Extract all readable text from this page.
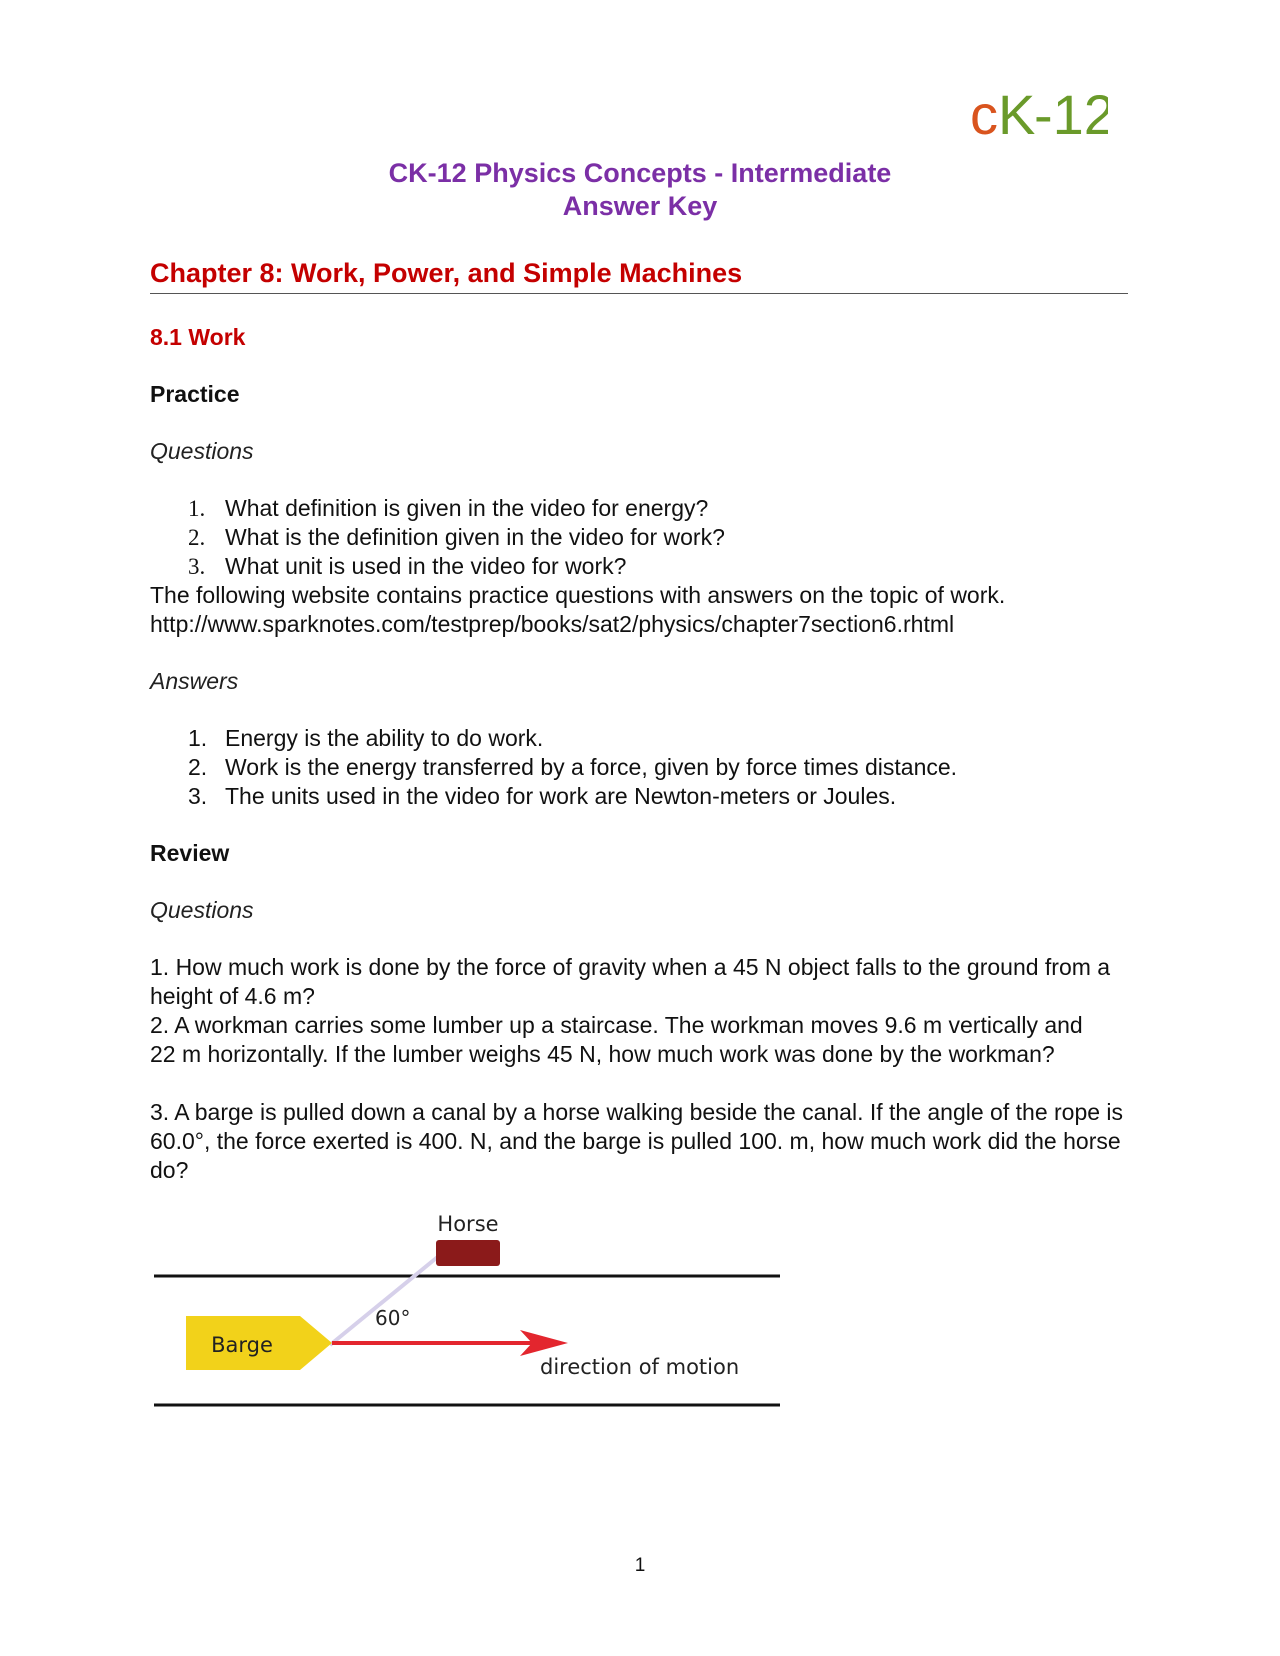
c K
-12
CK-12 Physics Concepts - Intermediate
Answer Key
Chapter 8: Work, Power, and Simple Machines
8.1 Work
Practice
Questions
1. What definition is given in the video for energy?
2. What is the definition given in the video for work?
3. What unit is used in the video for work?
The following website contains practice questions with answers on the topic of work.
http://www.sparknotes.com/testprep/books/sat2/physics/chapter7section6.rhtml
Answers
1. Energy is the ability to do work.
2. Work is the energy transferred by a force, given by force times distance.
3. The units used in the video for work are Newton-meters or Joules.
Review
Questions
1. How much work is done by the force of gravity when a 45 N object falls to the ground from a height of 4.6 m?
2. A workman carries some lumber up a staircase. The workman moves 9.6 m vertically and 22 m horizontally. If the lumber weighs 45 N, how much work was done by the workman?
3. A barge is pulled down a canal by a horse walking beside the canal. If the angle of the rope is 60.0°, the force exerted is 400. N, and the barge is pulled 100. m, how much work did the horse do?
Horse
Barge
60°
direction of motion
1
